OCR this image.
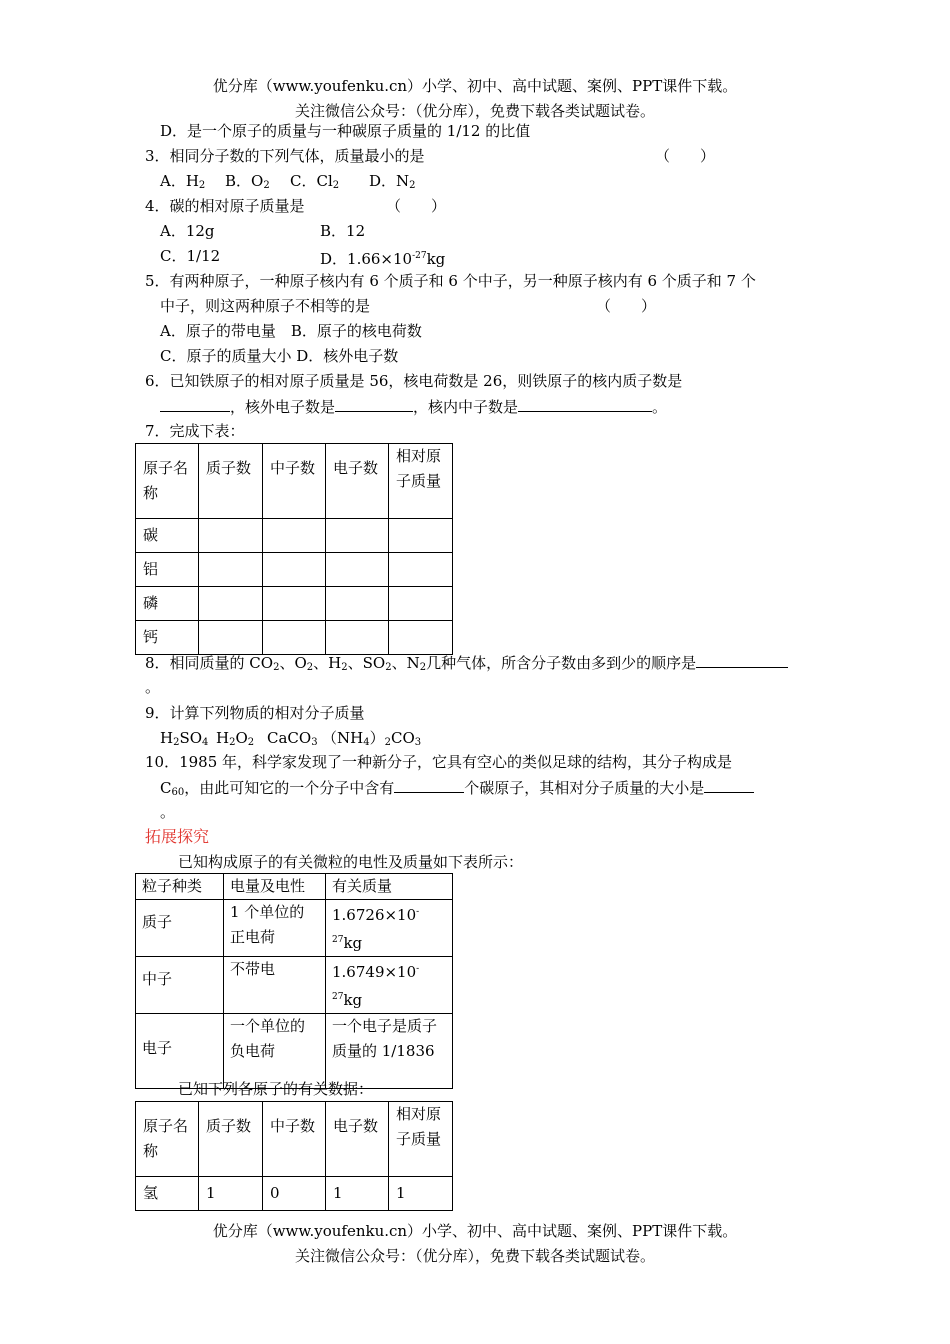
优分库（www.youfenku.cn）小学、初中、高中试题、案例、PPT课件下载。
关注微信公众号：（优分库），免费下载各类试题试卷。
D．是一个原子的质量与一种碳原子质量的 1/12 的比值
3．相同分子数的下列气体，质量最小的是	（　　）
A．$H_2$ B．$O_2$ C．$Cl_2$ D．$N_2$
4．碳的相对原子质量是	（　　）
A．12g	B．12
C．1/12	D．$1.66\times 10^{-27}kg$
5．有两种原子，一种原子核内有 6 个质子和 6 个中子，另一种原子核内有 6 个质子和 7 个
中子，则这两种原子不相等的是	（　　）
A．原子的带电量　B．原子的核电荷数
C．原子的质量大小 D．核外电子数
6．已知铁原子的相对原子质量是 56，核电荷数是 26，则铁原子的核内质子数是
，核外电子数是	，核内中子数是	。
7．完成下表：
原子名称	质子数	中子数	电子数	相对原子质量
碳				
铝				
磷				
钙				
8．相同质量的 $CO_2$、$O_2$、$H_2$、$SO_2$、$N_2$几种气体，所含分子数由多到少的顺序是
。
9．计算下列物质的相对分子质量
$H_2SO_4$ $H_2O_2$ CaCO$_3$ $(NH_4)_2CO_3$
10．1985 年，科学家发现了一种新分子，它具有空心的类似足球的结构，其分子构成是
$C_{60}$，由此可知它的一个分子中含有	个碳原子，其相对分子质量的大小是
。
拓展探究
已知构成原子的有关微粒的电性及质量如下表所示：
粒子种类	电量及电性	有关质量
质子	1 个单位的正电荷	1.6726×10-
$^{27}$kg
中子	不带电	1.6749×10-
$^{27}$kg
电子	一个单位的负电荷	一个电子是质子质量的 1/1836
已知下列各原子的有关数据：
原子名称	质子数	中子数	电子数	相对原子质量
氢	1	0	1	1
优分库（www.youfenku.cn）小学、初中、高中试题、案例、PPT课件下载。
关注微信公众号：（优分库），免费下载各类试题试卷。
